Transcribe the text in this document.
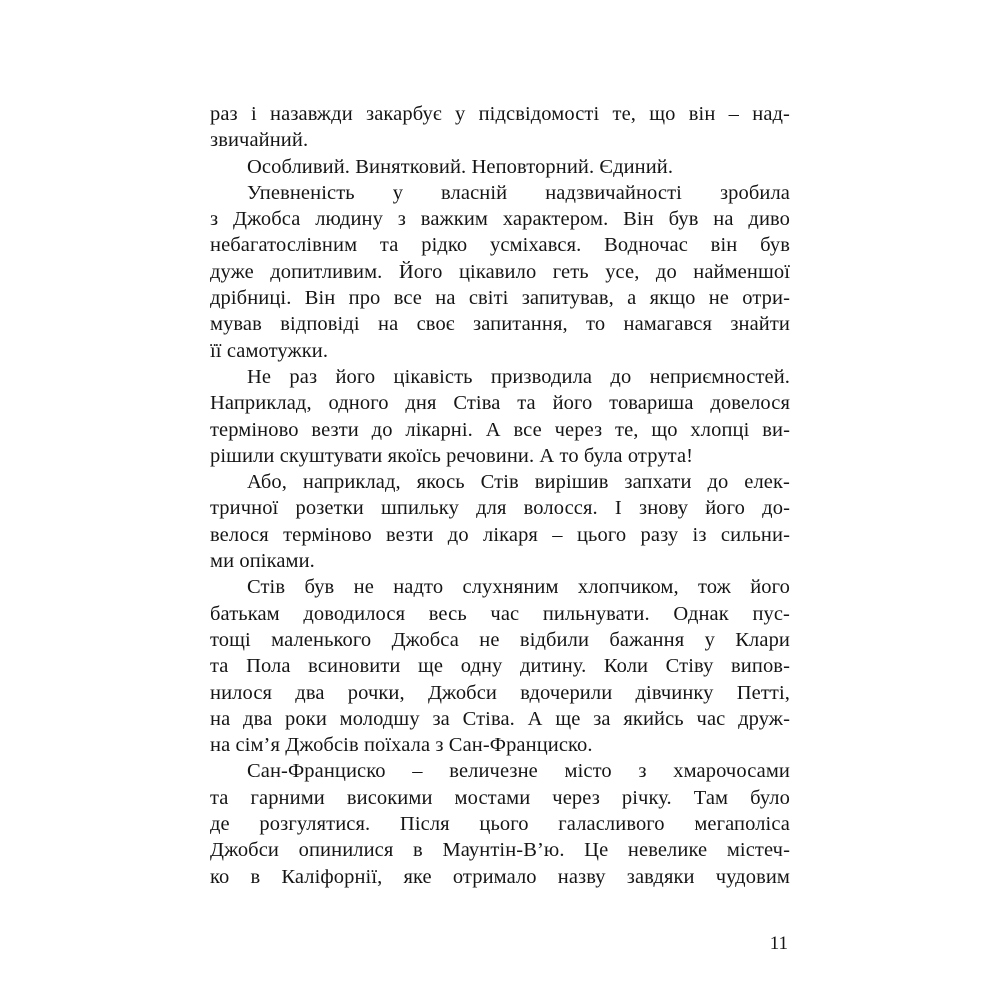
раз і назавжди закарбує у підсвідомості те, що він – над-
звичайний.
Особливий. Винятковий. Неповторний. Єдиний.
Упевненість у власній надзвичайності зробила
з Джобса людину з важким характером. Він був на диво
небагатослівним та рідко усміхався. Водночас він був
дуже допитливим. Його цікавило геть усе, до найменшої
дрібниці. Він про все на світі запитував, а якщо не отри-
мував відповіді на своє запитання, то намагався знайти
її самотужки.
Не раз його цікавість призводила до неприємностей.
Наприклад, одного дня Стіва та його товариша довелося
терміново везти до лікарні. А все через те, що хлопці ви-
рішили скуштувати якоїсь речовини. А то була отрута!
Або, наприклад, якось Стів вирішив запхати до елек-
тричної розетки шпильку для волосся. І знову його до-
велося терміново везти до лікаря – цього разу із сильни-
ми опіками.
Стів був не надто слухняним хлопчиком, тож його
батькам доводилося весь час пильнувати. Однак пус-
тощі маленького Джобса не відбили бажання у Клари
та Пола всиновити ще одну дитину. Коли Стіву випов-
нилося два рочки, Джобси вдочерили дівчинку Петті,
на два роки молодшу за Стіва. А ще за якийсь час друж-
на сім’я Джобсів поїхала з Сан-Франциско.
Сан-Франциско – величезне місто з хмарочосами
та гарними високими мостами через річку. Там було
де розгулятися. Після цього галасливого мегаполіса
Джобси опинилися в Маунтін-В’ю. Це невелике містеч-
ко в Каліфорнії, яке отримало назву завдяки чудовим
11
